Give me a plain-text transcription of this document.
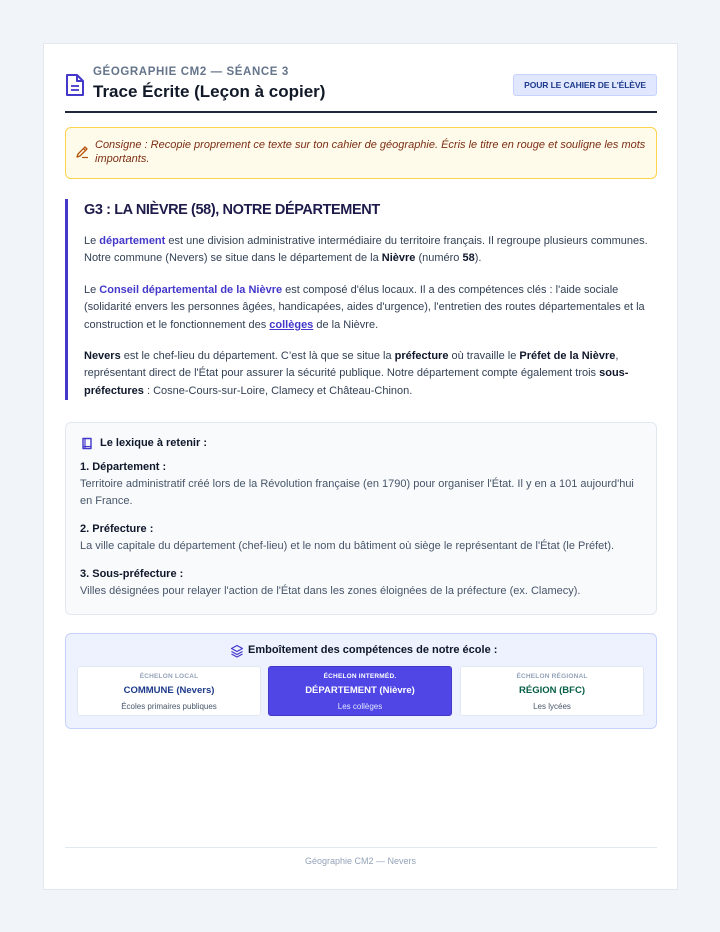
GÉOGRAPHIE CM2 — SÉANCE 3
Trace Écrite (Leçon à copier)	POUR LE CAHIER DE L'ÉLÈVE
Consigne : Recopie proprement ce texte sur ton cahier de géographie. Écris le titre en rouge et souligne les mots importants.
G3 : LA NIÈVRE (58), NOTRE DÉPARTEMENT

Le département est une division administrative intermédiaire du territoire français. Il regroupe plusieurs communes. Notre commune (Nevers) se situe dans le département de la Nièvre (numéro 58).

Le Conseil départemental de la Nièvre est composé d'élus locaux. Il a des compétences clés : l'aide sociale (solidarité envers les personnes âgées, handicapées, aides d'urgence), l'entretien des routes départementales et la construction et le fonctionnement des collèges de la Nièvre.

Nevers est le chef-lieu du département. C’est là que se situe la préfecture où travaille le Préfet de la Nièvre, représentant direct de l'État pour assurer la sécurité publique. Notre département compte également trois sous-préfectures : Cosne-Cours-sur-Loire, Clamecy et Château-Chinon.

Le lexique à retenir :
1. Département :
Territoire administratif créé lors de la Révolution française (en 1790) pour organiser l'État. Il y en a 101 aujourd'hui en France.
2. Préfecture :
La ville capitale du département (chef-lieu) et le nom du bâtiment où siège le représentant de l'État (le Préfet).
3. Sous-préfecture :
Villes désignées pour relayer l'action de l'État dans les zones éloignées de la préfecture (ex. Clamecy).
Emboîtement des compétences de notre école :
ÉCHELON LOCAL
COMMUNE (Nevers)
Écoles primaires publiques
ÉCHELON INTERMÉD.
DÉPARTEMENT (Nièvre)
Les collèges
ÉCHELON RÉGIONAL
RÉGION (BFC)
Les lycées
Géographie CM2 — Nevers
